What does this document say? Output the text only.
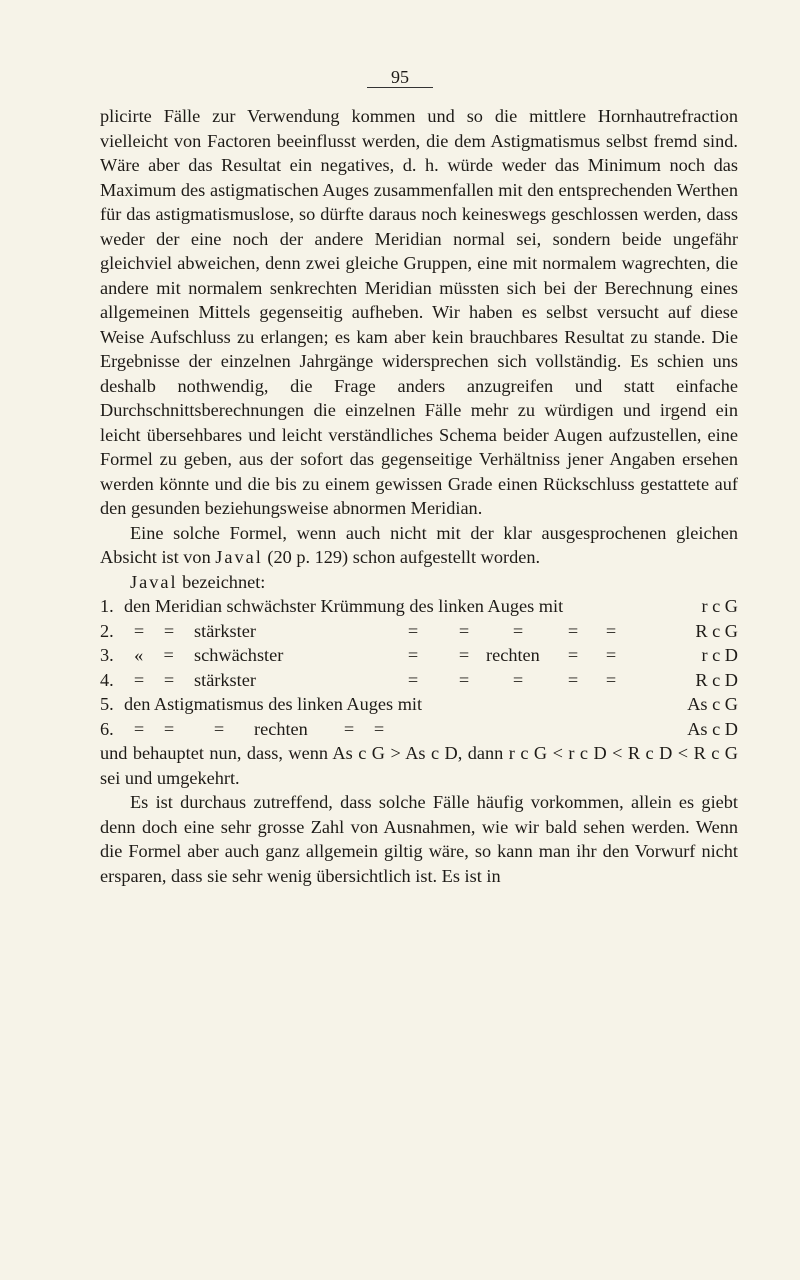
95

plicirte Fälle zur Verwendung kommen und so die mittlere Hornhautrefraction vielleicht von Factoren beeinflusst werden, die dem Astigmatismus selbst fremd sind. Wäre aber das Resultat ein negatives, d. h. würde weder das Minimum noch das Maximum des astigmatischen Auges zusammenfallen mit den entsprechenden Werthen für das astigmatismuslose, so dürfte daraus noch keineswegs geschlossen werden, dass weder der eine noch der andere Meridian normal sei, sondern beide ungefähr gleichviel abweichen, denn zwei gleiche Gruppen, eine mit normalem wagrechten, die andere mit normalem senkrechten Meridian müssten sich bei der Berechnung eines allgemeinen Mittels gegenseitig aufheben. Wir haben es selbst versucht auf diese Weise Aufschluss zu erlangen; es kam aber kein brauchbares Resultat zu stande. Die Ergebnisse der einzelnen Jahrgänge widersprechen sich vollständig. Es schien uns deshalb nothwendig, die Frage anders anzugreifen und statt einfache Durchschnittsberechnungen die einzelnen Fälle mehr zu würdigen und irgend ein leicht übersehbares und leicht verständliches Schema beider Augen aufzustellen, eine Formel zu geben, aus der sofort das gegenseitige Verhältniss jener Angaben ersehen werden könnte und die bis zu einem gewissen Grade einen Rückschluss gestattete auf den gesunden beziehungsweise abnormen Meridian.

Eine solche Formel, wenn auch nicht mit der klar ausgesprochenen gleichen Absicht ist von Javal (20 p. 129) schon aufgestellt worden.

Javal bezeichnet:

1. den Meridian schwächster Krümmung des linken Auges mit	r c G
2.	= =	stärkster	=	=	=	=	=	R c G
3.	« =	schwächster	=	= rechten	=	=	r c D
4.	= =	stärkster	=	=	=	=	=	R c D
5. den Astigmatismus des linken Auges mit	As c G
6.	= =	=	rechten	=	=	As c D

und behauptet nun, dass, wenn As c G > As c D, dann r c G < r c D < R c D < R c G sei und umgekehrt.

Es ist durchaus zutreffend, dass solche Fälle häufig vorkommen, allein es giebt denn doch eine sehr grosse Zahl von Ausnahmen, wie wir bald sehen werden. Wenn die Formel aber auch ganz allgemein giltig wäre, so kann man ihr den Vorwurf nicht ersparen, dass sie sehr wenig übersichtlich ist. Es ist in
